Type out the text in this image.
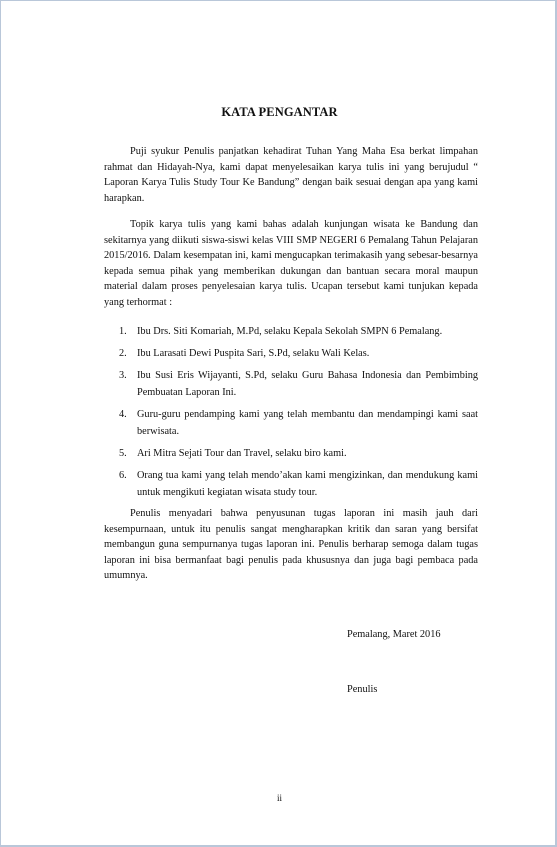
KATA PENGANTAR

Puji syukur Penulis panjatkan kehadirat Tuhan Yang Maha Esa berkat limpahan rahmat dan Hidayah-Nya, kami dapat menyelesaikan karya tulis ini yang berujudul “ Laporan Karya Tulis Study Tour Ke Bandung” dengan baik sesuai dengan apa yang kami harapkan.

Topik karya tulis yang kami bahas adalah kunjungan wisata ke Bandung dan sekitarnya yang diikuti siswa-siswi kelas VIII SMP NEGERI 6 Pemalang Tahun Pelajaran 2015/2016. Dalam kesempatan ini, kami mengucapkan terimakasih yang sebesar-besarnya kepada semua pihak yang memberikan dukungan dan bantuan secara moral maupun material dalam proses penyelesaian karya tulis. Ucapan tersebut kami tunjukan kepada yang terhormat :

1. Ibu Drs. Siti Komariah, M.Pd, selaku Kepala Sekolah SMPN 6 Pemalang.
2. Ibu Larasati Dewi Puspita Sari, S.Pd, selaku Wali Kelas.
3. Ibu Susi Eris Wijayanti, S.Pd, selaku Guru Bahasa Indonesia dan Pembimbing Pembuatan Laporan Ini.
4. Guru-guru pendamping kami yang telah membantu dan mendampingi kami saat berwisata.
5. Ari Mitra Sejati Tour dan Travel, selaku biro kami.
6. Orang tua kami yang telah mendo’akan kami mengizinkan, dan mendukung kami untuk mengikuti kegiatan wisata study tour.

Penulis menyadari bahwa penyusunan tugas laporan ini masih jauh dari kesempurnaan, untuk itu penulis sangat mengharapkan kritik dan saran yang bersifat membangun guna sempurnanya tugas laporan ini. Penulis berharap semoga dalam tugas laporan ini bisa bermanfaat bagi penulis pada khususnya dan juga bagi pembaca pada umumnya.

Pemalang, Maret 2016
Penulis
ii
